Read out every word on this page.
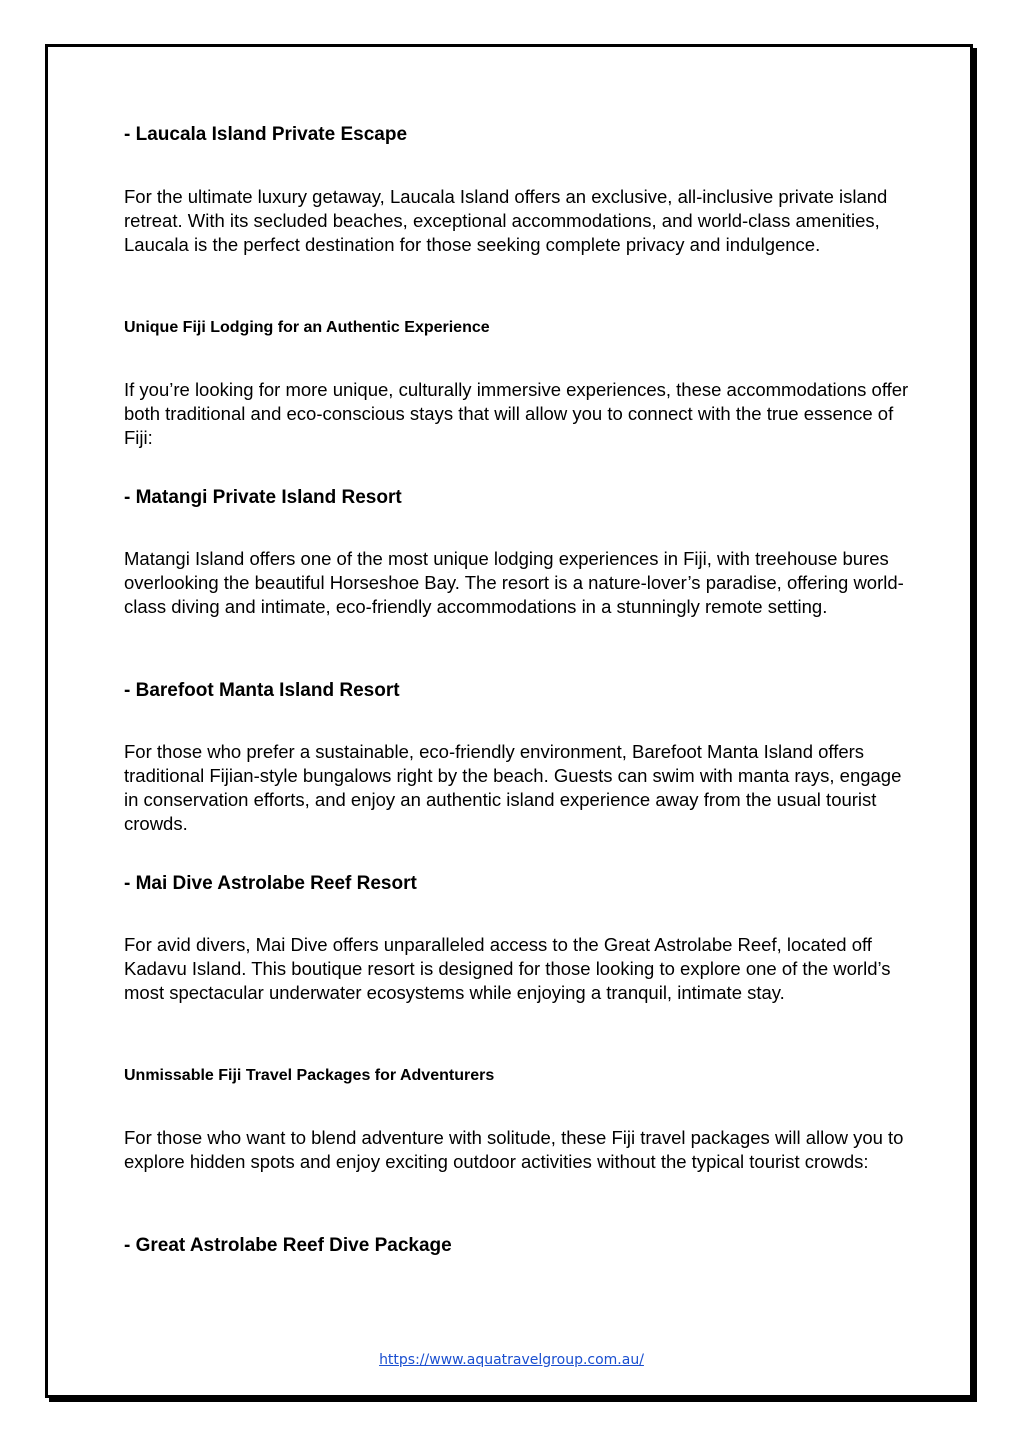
- Laucala Island Private Escape
For the ultimate luxury getaway, Laucala Island offers an exclusive, all-inclusive private island retreat. With its secluded beaches, exceptional accommodations, and world-class amenities, Laucala is the perfect destination for those seeking complete privacy and indulgence.
Unique Fiji Lodging for an Authentic Experience
If you’re looking for more unique, culturally immersive experiences, these accommodations offer both traditional and eco-conscious stays that will allow you to connect with the true essence of Fiji:
- Matangi Private Island Resort
Matangi Island offers one of the most unique lodging experiences in Fiji, with treehouse bures overlooking the beautiful Horseshoe Bay. The resort is a nature-lover’s paradise, offering world-class diving and intimate, eco-friendly accommodations in a stunningly remote setting.
- Barefoot Manta Island Resort
For those who prefer a sustainable, eco-friendly environment, Barefoot Manta Island offers traditional Fijian-style bungalows right by the beach. Guests can swim with manta rays, engage in conservation efforts, and enjoy an authentic island experience away from the usual tourist crowds.
- Mai Dive Astrolabe Reef Resort
For avid divers, Mai Dive offers unparalleled access to the Great Astrolabe Reef, located off Kadavu Island. This boutique resort is designed for those looking to explore one of the world’s most spectacular underwater ecosystems while enjoying a tranquil, intimate stay.
Unmissable Fiji Travel Packages for Adventurers
For those who want to blend adventure with solitude, these Fiji travel packages will allow you to explore hidden spots and enjoy exciting outdoor activities without the typical tourist crowds:
- Great Astrolabe Reef Dive Package
https://www.aquatravelgroup.com.au/
